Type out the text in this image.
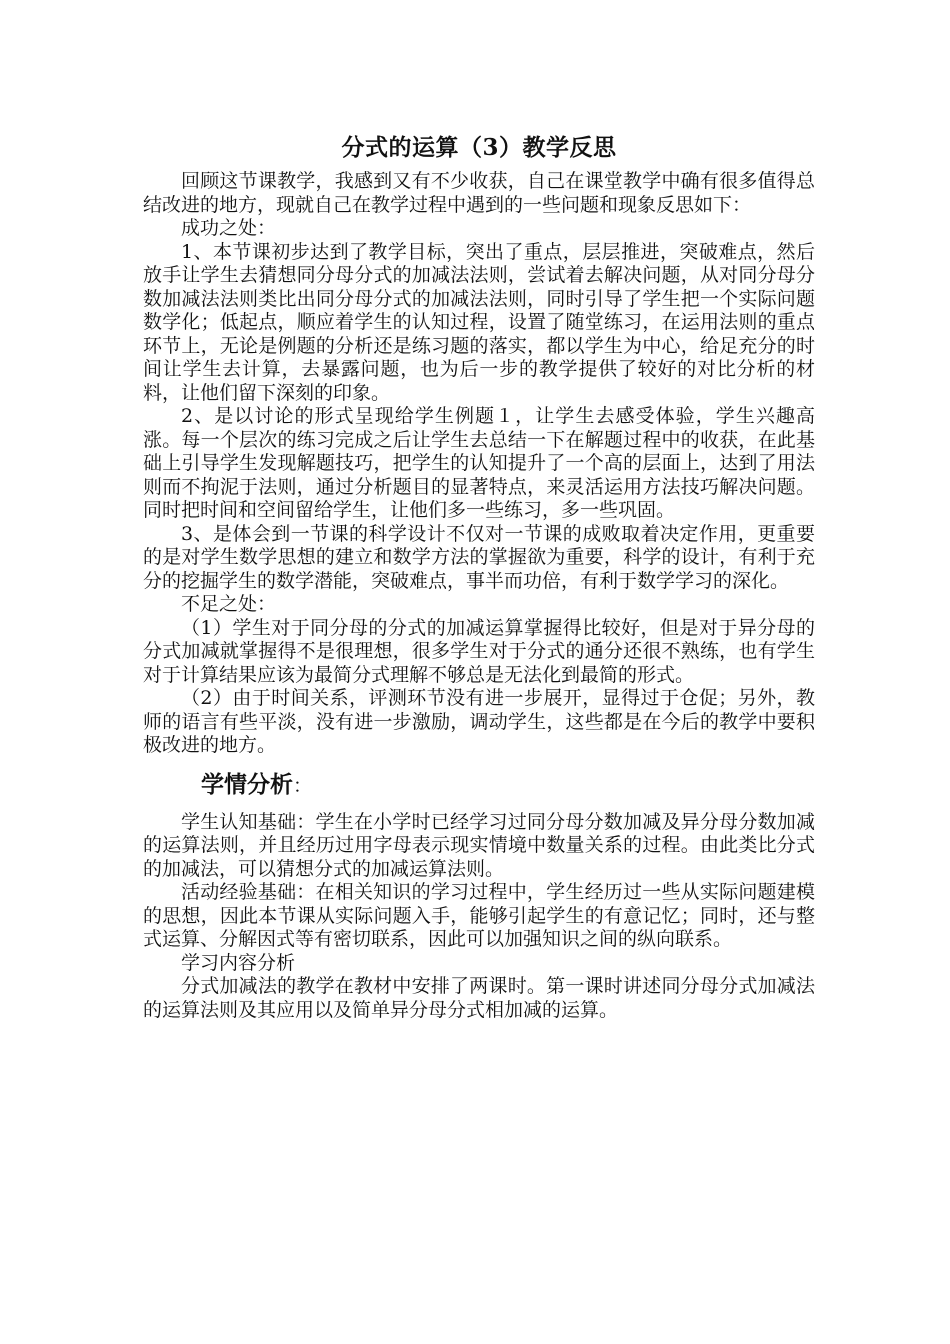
分式的运算（3）教学反思

回顾这节课教学，我感到又有不少收获，自己在课堂教学中确有很多值得总结改进的地方，现就自己在教学过程中遇到的一些问题和现象反思如下：

成功之处：

1、本节课初步达到了教学目标，突出了重点，层层推进，突破难点，然后放手让学生去猜想同分母分式的加减法法则，尝试着去解决问题，从对同分母分数加减法法则类比出同分母分式的加减法法则，同时引导了学生把一个实际问题数学化；低起点，顺应着学生的认知过程，设置了随堂练习，在运用法则的重点环节上，无论是例题的分析还是练习题的落实，都以学生为中心，给足充分的时间让学生去计算，去暴露问题，也为后一步的教学提供了较好的对比分析的材料，让他们留下深刻的印象。

2、是以讨论的形式呈现给学生例题１，让学生去感受体验，学生兴趣高涨。每一个层次的练习完成之后让学生去总结一下在解题过程中的收获，在此基础上引导学生发现解题技巧，把学生的认知提升了一个高的层面上，达到了用法则而不拘泥于法则，通过分析题目的显著特点，来灵活运用方法技巧解决问题。同时把时间和空间留给学生，让他们多一些练习，多一些巩固。

3、是体会到一节课的科学设计不仅对一节课的成败取着决定作用，更重要的是对学生数学思想的建立和数学方法的掌握欲为重要，科学的设计，有利于充分的挖掘学生的数学潜能，突破难点，事半而功倍，有利于数学学习的深化。

不足之处：

（1）学生对于同分母的分式的加减运算掌握得比较好，但是对于异分母的分式加减就掌握得不是很理想，很多学生对于分式的通分还很不熟练，也有学生对于计算结果应该为最简分式理解不够总是无法化到最简的形式。

（2）由于时间关系，评测环节没有进一步展开，显得过于仓促；另外，教师的语言有些平淡，没有进一步激励，调动学生，这些都是在今后的教学中要积极改进的地方。

学情分析：

学生认知基础：学生在小学时已经学习过同分母分数加减及异分母分数加减的运算法则，并且经历过用字母表示现实情境中数量关系的过程。由此类比分式的加减法，可以猜想分式的加减运算法则。

活动经验基础：在相关知识的学习过程中，学生经历过一些从实际问题建模的思想，因此本节课从实际问题入手，能够引起学生的有意记忆；同时，还与整式运算、分解因式等有密切联系，因此可以加强知识之间的纵向联系。

学习内容分析

分式加减法的教学在教材中安排了两课时。第一课时讲述同分母分式加减法的运算法则及其应用以及简单异分母分式相加减的运算。
